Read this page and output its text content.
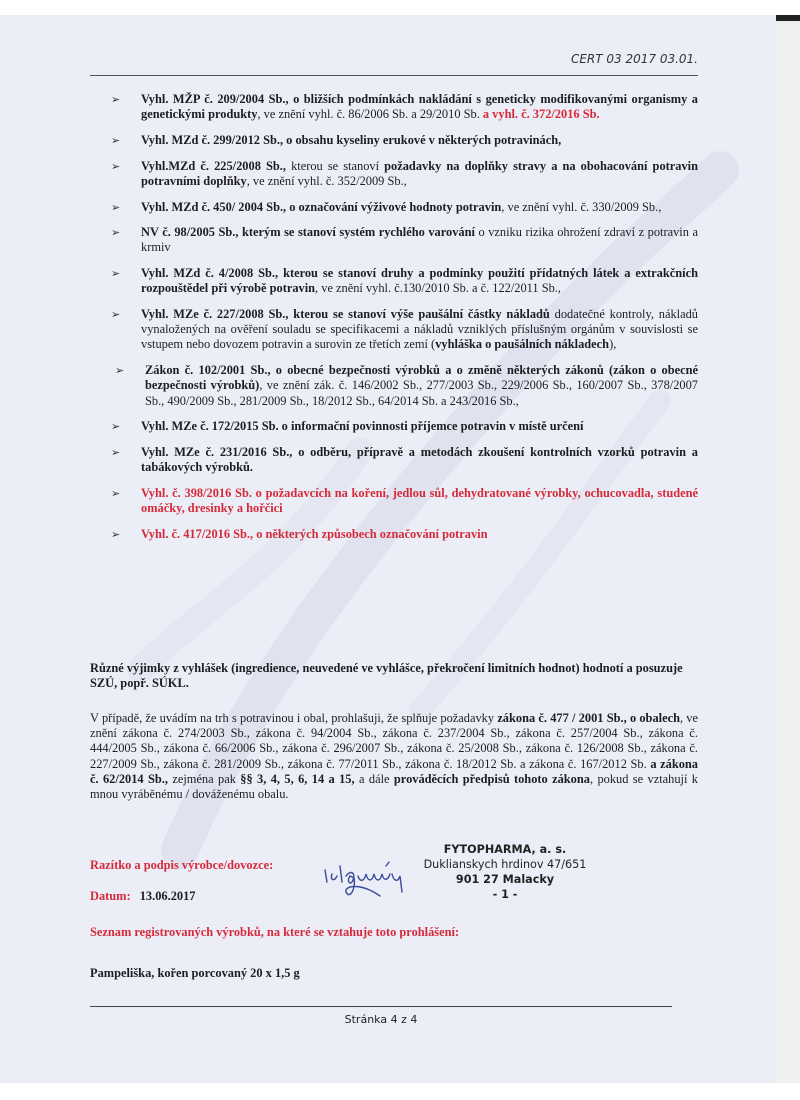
CERT 03 2017 03.01.
➢ Vyhl. MŽP č. 209/2004 Sb., o bližších podmínkách nakládání s geneticky modifikovanými organismy a genetickými produkty, ve znění vyhl. č. 86/2006 Sb. a 29/2010 Sb. a vyhl. č. 372/2016 Sb.
➢ Vyhl. MZd č. 299/2012 Sb., o obsahu kyseliny erukové v některých potravinách,
➢ Vyhl.MZd č. 225/2008 Sb., kterou se stanoví požadavky na doplňky stravy a na obohacování potravin potravními doplňky, ve znění vyhl. č. 352/2009 Sb.,
➢ Vyhl. MZd č. 450/ 2004 Sb., o označování výživové hodnoty potravin, ve znění vyhl. č. 330/2009 Sb.,
➢ NV č. 98/2005 Sb., kterým se stanoví systém rychlého varování o vzniku rizika ohrožení zdraví z potravin a krmiv
➢ Vyhl. MZd č. 4/2008 Sb., kterou se stanoví druhy a podmínky použití přídatných látek a extrakčních rozpouštědel při výrobě potravin, ve znění vyhl. č.130/2010 Sb. a č. 122/2011 Sb.,
➢ Vyhl. MZe č. 227/2008 Sb., kterou se stanoví výše paušální částky nákladů dodatečné kontroly, nákladů vynaložených na ověření souladu se specifikacemi a nákladů vzniklých příslušným orgánům v souvislosti se vstupem nebo dovozem potravin a surovin ze třetích zemí (vyhláška o paušálních nákladech),
➢ Zákon č. 102/2001 Sb., o obecné bezpečnosti výrobků a o změně některých zákonů (zákon o obecné bezpečnosti výrobků), ve znění zák. č. 146/2002 Sb., 277/2003 Sb., 229/2006 Sb., 160/2007 Sb., 378/2007 Sb., 490/2009 Sb., 281/2009 Sb., 18/2012 Sb., 64/2014 Sb. a 243/2016 Sb.,
➢ Vyhl. MZe č. 172/2015 Sb. o informační povinnosti příjemce potravin v místě určení
➢ Vyhl. MZe č. 231/2016 Sb., o odběru, přípravě a metodách zkoušení kontrolních vzorků potravin a tabákových výrobků.
➢ Vyhl. č. 398/2016 Sb. o požadavcích na koření, jedlou sůl, dehydratované výrobky, ochucovadla, studené omáčky, dresinky a hořčici
➢ Vyhl. č. 417/2016 Sb., o některých způsobech označování potravin
Různé výjimky z vyhlášek (ingredience, neuvedené ve vyhlášce, překročení limitních hodnot) hodnotí a posuzuje SZÚ, popř. SÚKL.
V případě, že uvádím na trh s potravinou i obal, prohlašuji, že splňuje požadavky zákona č. 477 / 2001 Sb., o obalech, ve znění zákona č. 274/2003 Sb., zákona č. 94/2004 Sb., zákona č. 237/2004 Sb., zákona č. 257/2004 Sb., zákona č. 444/2005 Sb., zákona č. 66/2006 Sb., zákona č. 296/2007 Sb., zákona č. 25/2008 Sb., zákona č. 126/2008 Sb., zákona č. 227/2009 Sb., zákona č. 281/2009 Sb., zákona č. 77/2011 Sb., zákona č. 18/2012 Sb. a zákona č. 167/2012 Sb. a zákona č. 62/2014 Sb., zejména pak §§ 3, 4, 5, 6, 14 a 15, a dále prováděcích předpisů tohoto zákona, pokud se vztahují k mnou vyráběnému / dováženému obalu.
Razítko a podpis výrobce/dovozce:
Datum: 13.06.2017
FYTOPHARMA, a. s.
Duklianskych hrdinov 47/651
901 27 Malacky
- 1 -
Seznam registrovaných výrobků, na které se vztahuje toto prohlášení:
Pampeliška, kořen porcovaný 20 x 1,5 g
Stránka 4 z 4
